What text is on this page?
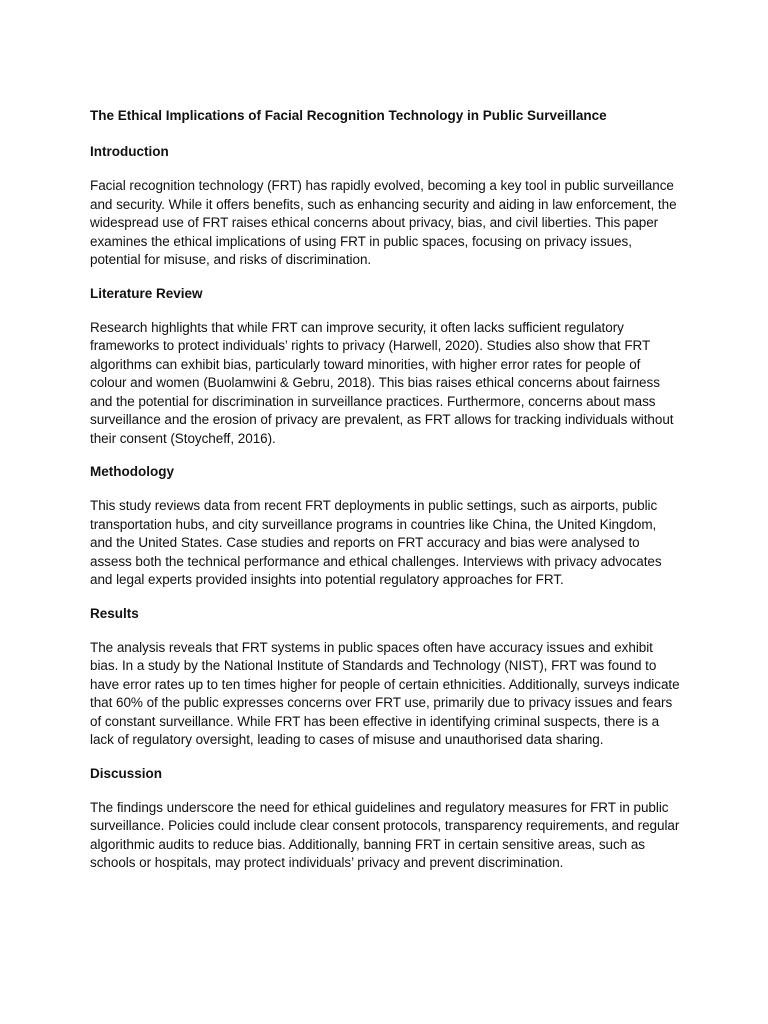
The Ethical Implications of Facial Recognition Technology in Public Surveillance
Introduction

Facial recognition technology (FRT) has rapidly evolved, becoming a key tool in public surveillance and security. While it offers benefits, such as enhancing security and aiding in law enforcement, the widespread use of FRT raises ethical concerns about privacy, bias, and civil liberties. This paper examines the ethical implications of using FRT in public spaces, focusing on privacy issues, potential for misuse, and risks of discrimination.

Literature Review

Research highlights that while FRT can improve security, it often lacks sufficient regulatory frameworks to protect individuals’ rights to privacy (Harwell, 2020). Studies also show that FRT algorithms can exhibit bias, particularly toward minorities, with higher error rates for people of colour and women (Buolamwini & Gebru, 2018). This bias raises ethical concerns about fairness and the potential for discrimination in surveillance practices. Furthermore, concerns about mass surveillance and the erosion of privacy are prevalent, as FRT allows for tracking individuals without their consent (Stoycheff, 2016).

Methodology

This study reviews data from recent FRT deployments in public settings, such as airports, public transportation hubs, and city surveillance programs in countries like China, the United Kingdom, and the United States. Case studies and reports on FRT accuracy and bias were analysed to assess both the technical performance and ethical challenges. Interviews with privacy advocates and legal experts provided insights into potential regulatory approaches for FRT.

Results

The analysis reveals that FRT systems in public spaces often have accuracy issues and exhibit bias. In a study by the National Institute of Standards and Technology (NIST), FRT was found to have error rates up to ten times higher for people of certain ethnicities. Additionally, surveys indicate that 60% of the public expresses concerns over FRT use, primarily due to privacy issues and fears of constant surveillance. While FRT has been effective in identifying criminal suspects, there is a lack of regulatory oversight, leading to cases of misuse and unauthorised data sharing.

Discussion

The findings underscore the need for ethical guidelines and regulatory measures for FRT in public surveillance. Policies could include clear consent protocols, transparency requirements, and regular algorithmic audits to reduce bias. Additionally, banning FRT in certain sensitive areas, such as schools or hospitals, may protect individuals’ privacy and prevent discrimination.
